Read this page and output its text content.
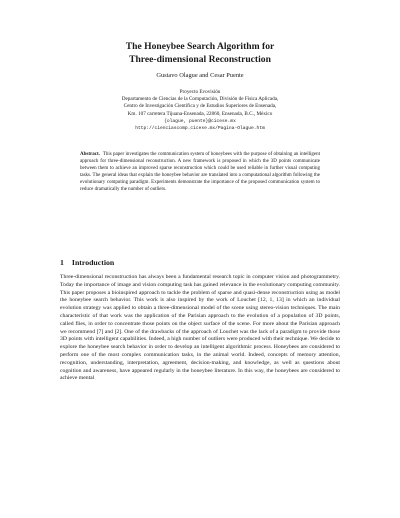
The Honeybee Search Algorithm for
Three-dimensional Reconstruction
Gustavo Olague and Cesar Puente
Proyecto Evovisión
Departamento de Ciencias de la Computación, División de Física Aplicada,
Centro de Investigación Científica y de Estudios Superiores de Ensenada,
Km. 107 carretera Tijuana-Ensenada, 22860, Ensenada, B.C., México
{olague, puente}@cicese.mx
http://cienciascomp.cicese.mx/Pagina-Olague.htm

Abstract. This paper investigates the communication system of honeybees with the purpose of obtaining an intelligent approach for three-dimensional reconstruction. A new framework is proposed in which the 3D points communicate between them to achieve an improved sparse reconstruction which could be used reliable in further visual computing tasks. The general ideas that explain the honeybee behavior are translated into a computational algorithm following the evolutionary computing paradigm. Experiments demonstrate the importance of the proposed communication system to reduce dramatically the number of outliers.

1 Introduction

Three-dimensional reconstruction has always been a fundamental research topic in computer vision and photogrammetry. Today the importance of image and vision computing task has gained relevance in the evolutionary computing community. This paper proposes a bioinspired approach to tackle the problem of sparse and quasi-dense reconstruction using as model the honeybee search behavior. This work is also inspired by the work of Louchet [12, 1, 13] in which an individual evolution strategy was applied to obtain a three-dimensional model of the scene using stereo-vision techniques. The main characteristic of that work was the application of the Parisian approach to the evolution of a population of 3D points, called flies, in order to concentrate those points on the object surface of the scene. For more about the Parisian approach we recommend [7] and [2]. One of the drawbacks of the approach of Louchet was the lack of a paradigm to provide those 3D points with intelligent capabilities. Indeed, a high number of outliers were produced with their technique. We decide to explore the honeybee search behavior in order to develop an intelligent algorithmic process. Honeybees are considered to perform one of the most complex communication tasks, in the animal world. Indeed, concepts of memory attention, recognition, understanding, interpretation, agreement, decision-making, and knowledge, as well as questions about cognition and awareness, have appeared regularly in the honeybee literature. In this way, the honeybees are considered to achieve mental
